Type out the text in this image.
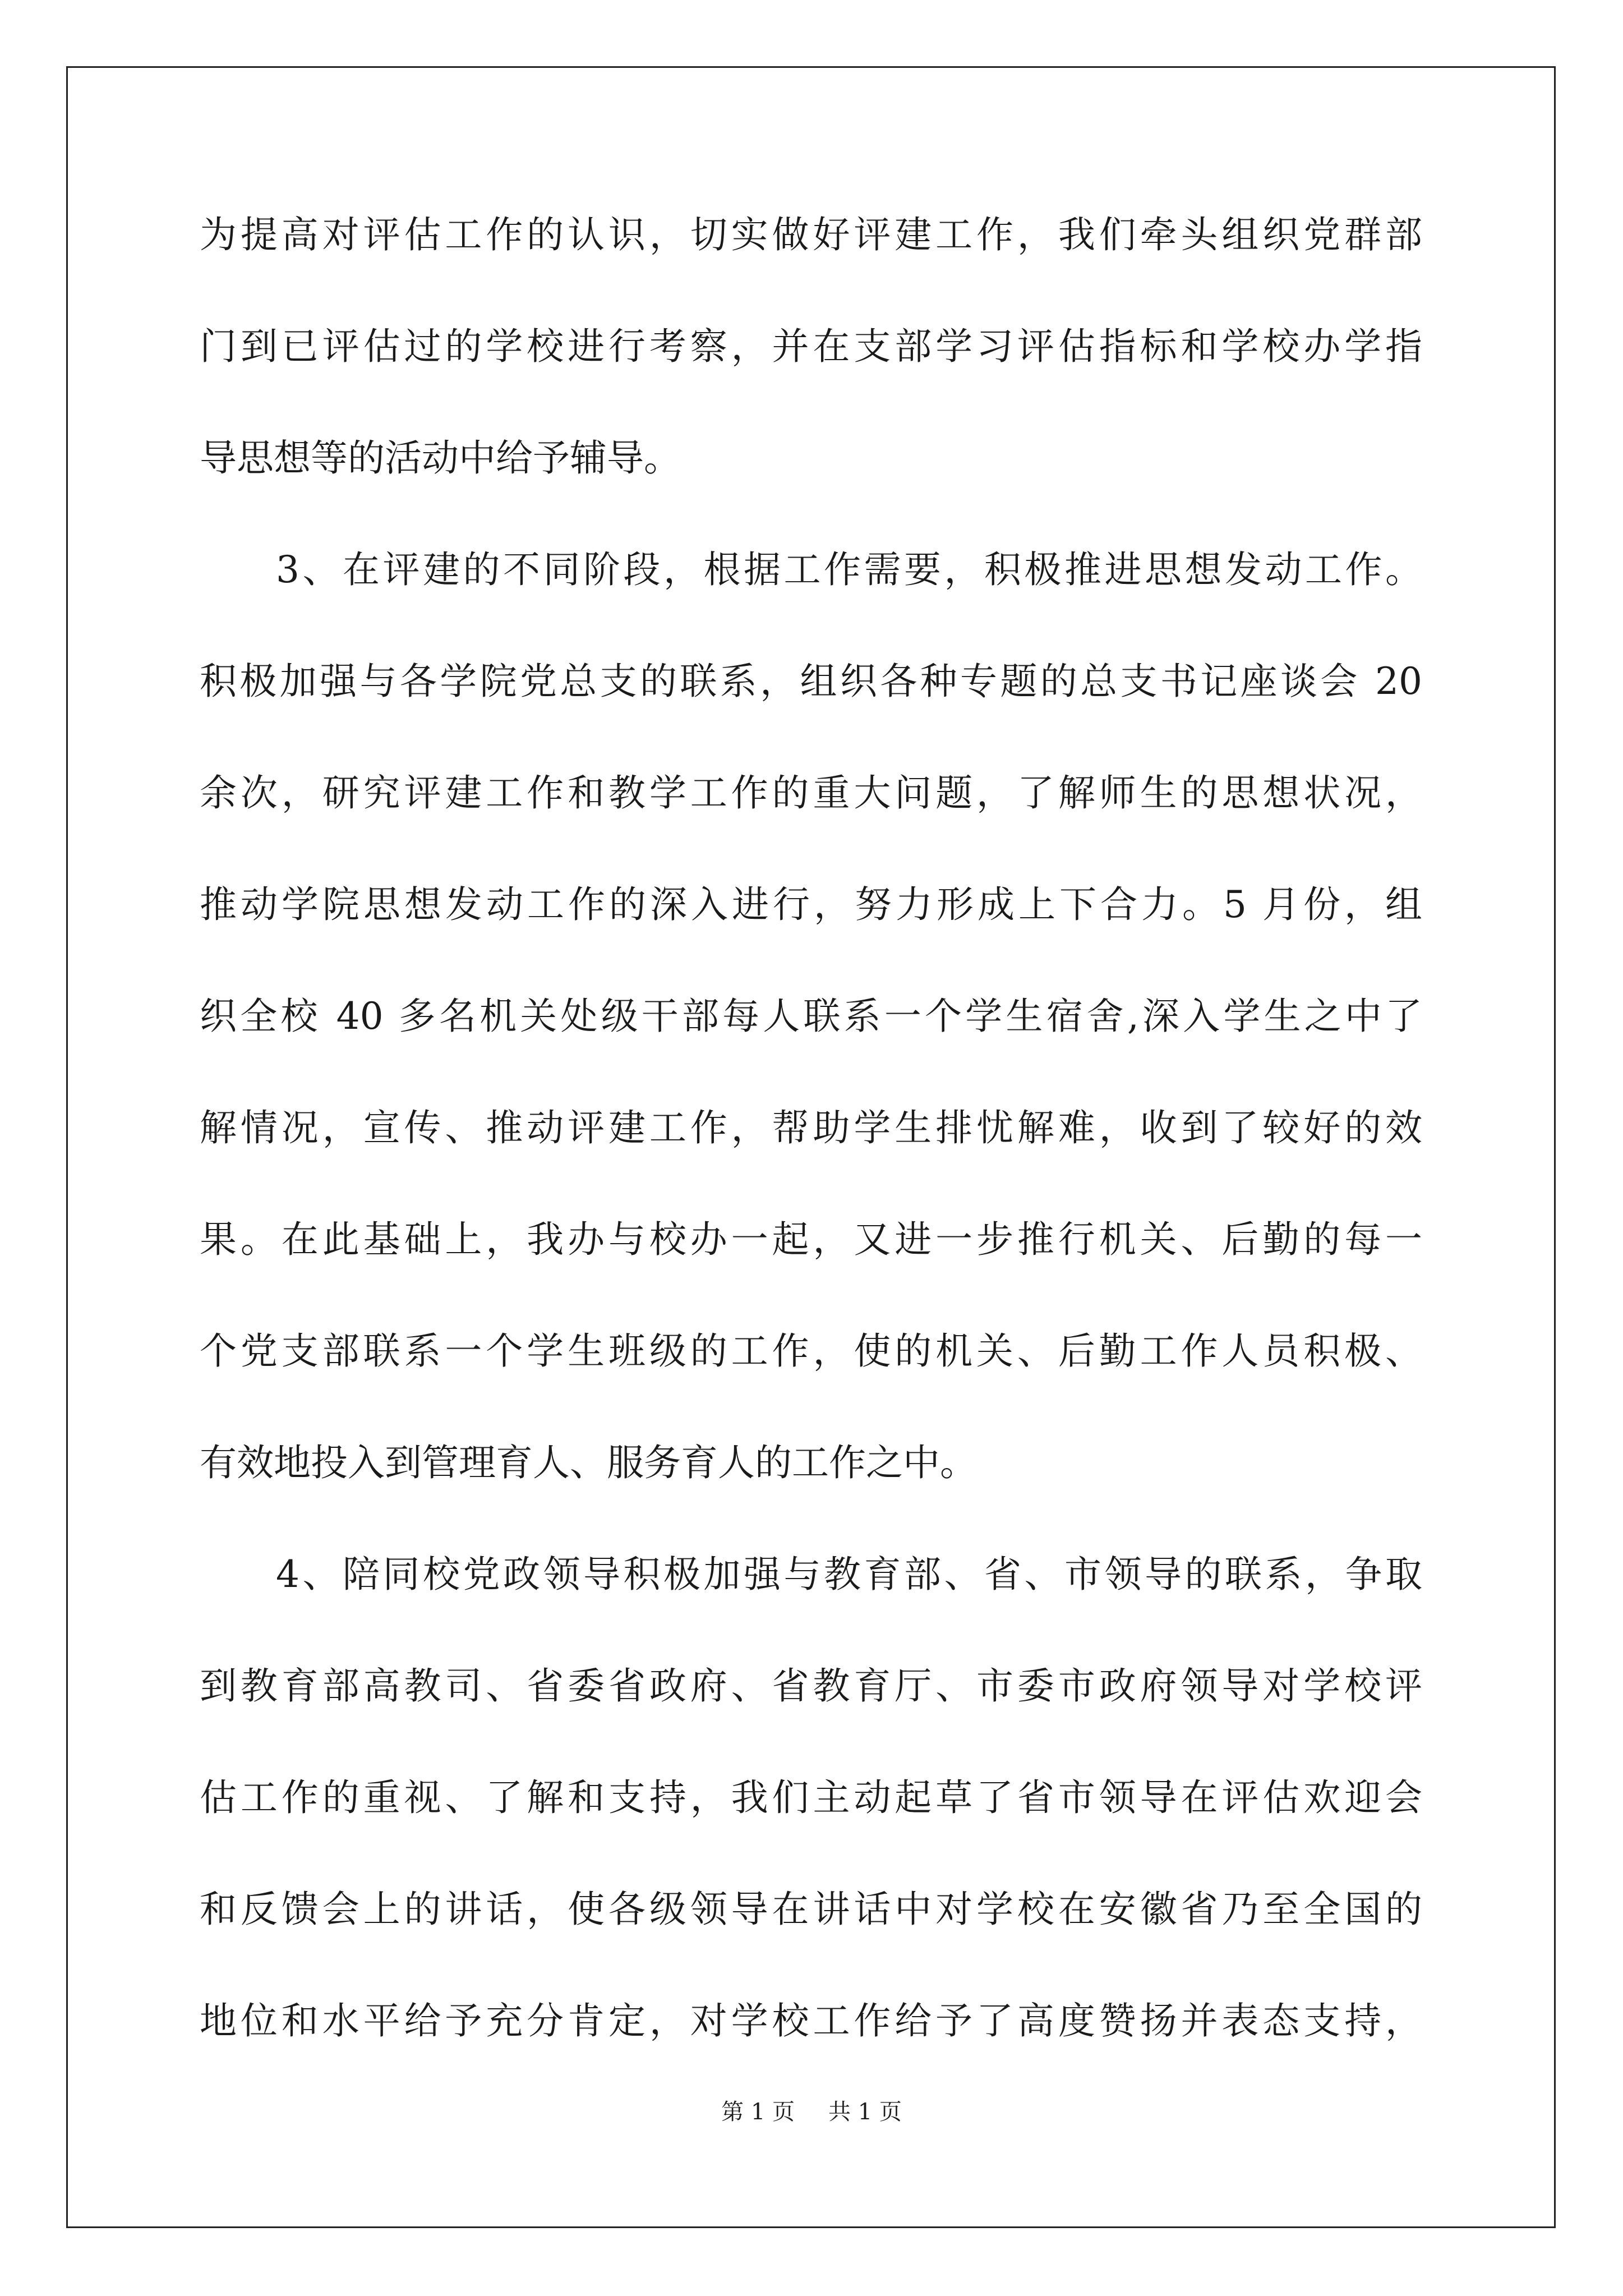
为提高对评估工作的认识，切实做好评建工作，我们牵头组织党群部
门到已评估过的学校进行考察，并在支部学习评估指标和学校办学指
导思想等的活动中给予辅导。
3、在评建的不同阶段，根据工作需要，积极推进思想发动工作。
积极加强与各学院党总支的联系，组织各种专题的总支书记座谈会 20
余次，研究评建工作和教学工作的重大问题，了解师生的思想状况，
推动学院思想发动工作的深入进行，努力形成上下合力。5 月份，组
织全校 40 多名机关处级干部每人联系一个学生宿舍,深入学生之中了
解情况，宣传、推动评建工作，帮助学生排忧解难，收到了较好的效
果。在此基础上，我办与校办一起，又进一步推行机关、后勤的每一
个党支部联系一个学生班级的工作，使的机关、后勤工作人员积极、
有效地投入到管理育人、服务育人的工作之中。
4、陪同校党政领导积极加强与教育部、省、市领导的联系，争取
到教育部高教司、省委省政府、省教育厅、市委市政府领导对学校评
估工作的重视、了解和支持，我们主动起草了省市领导在评估欢迎会
和反馈会上的讲话，使各级领导在讲话中对学校在安徽省乃至全国的
地位和水平给予充分肯定，对学校工作给予了高度赞扬并表态支持，
第 1 页 共 1 页
